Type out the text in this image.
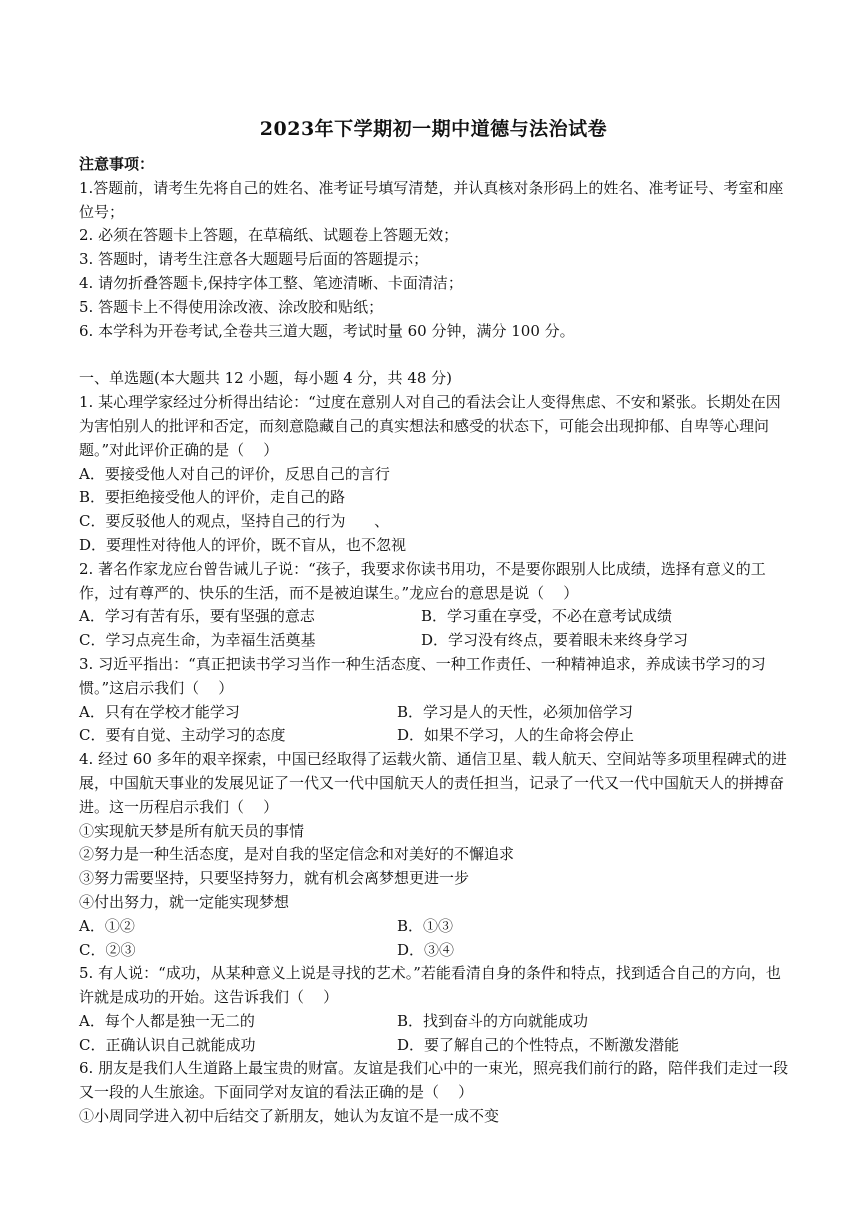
2023年下学期初一期中道德与法治试卷
注意事项：
1.答题前，请考生先将自己的姓名、准考证号填写清楚，并认真核对条形码上的姓名、准考证号、考室和座位号；
2. 必须在答题卡上答题，在草稿纸、试题卷上答题无效；
3. 答题时，请考生注意各大题题号后面的答题提示；
4. 请勿折叠答题卡,保持字体工整、笔迹清晰、卡面清洁；
5. 答题卡上不得使用涂改液、涂改胶和贴纸；
6. 本学科为开卷考试,全卷共三道大题，考试时量 60 分钟，满分 100 分。
一、单选题(本大题共 12 小题，每小题 4 分，共 48 分)
1. 某心理学家经过分析得出结论：“过度在意别人对自己的看法会让人变得焦虑、不安和紧张。长期处在因为害怕别人的批评和否定，而刻意隐藏自己的真实想法和感受的状态下，可能会出现抑郁、自卑等心理问题。”对此评价正确的是（    ）
A．要接受他人对自己的评价，反思自己的言行
B．要拒绝接受他人的评价，走自己的路
C．要反驳他人的观点，坚持自己的行为      、
D．要理性对待他人的评价，既不盲从，也不忽视
2. 著名作家龙应台曾告诫儿子说：“孩子，我要求你读书用功，不是要你跟别人比成绩，选择有意义的工作，过有尊严的、快乐的生活，而不是被迫谋生。”龙应台的意思是说（    ）
A．学习有苦有乐，要有坚强的意志	B．学习重在享受，不必在意考试成绩
C．学习点亮生命，为幸福生活奠基	D．学习没有终点，要着眼未来终身学习
3. 习近平指出：“真正把读书学习当作一种生活态度、一种工作责任、一种精神追求，养成读书学习的习惯。”这启示我们（    ）
A．只有在学校才能学习	B．学习是人的天性，必须加倍学习
C．要有自觉、主动学习的态度	D．如果不学习，人的生命将会停止
4. 经过 60 多年的艰辛探索，中国已经取得了运载火箭、通信卫星、载人航天、空间站等多项里程碑式的进展，中国航天事业的发展见证了一代又一代中国航天人的责任担当，记录了一代又一代中国航天人的拼搏奋进。这一历程启示我们（    ）
①实现航天梦是所有航天员的事情
②努力是一种生活态度，是对自我的坚定信念和对美好的不懈追求
③努力需要坚持，只要坚持努力，就有机会离梦想更进一步
④付出努力，就一定能实现梦想
A．①②	B．①③
C．②③	D．③④
5. 有人说：“成功，从某种意义上说是寻找的艺术。”若能看清自身的条件和特点，找到适合自己的方向，也许就是成功的开始。这告诉我们（    ）
A．每个人都是独一无二的	B．找到奋斗的方向就能成功
C．正确认识自己就能成功	D．要了解自己的个性特点，不断激发潜能
6. 朋友是我们人生道路上最宝贵的财富。友谊是我们心中的一束光，照亮我们前行的路，陪伴我们走过一段又一段的人生旅途。下面同学对友谊的看法正确的是（    ）
①小周同学进入初中后结交了新朋友，她认为友谊不是一成不变
